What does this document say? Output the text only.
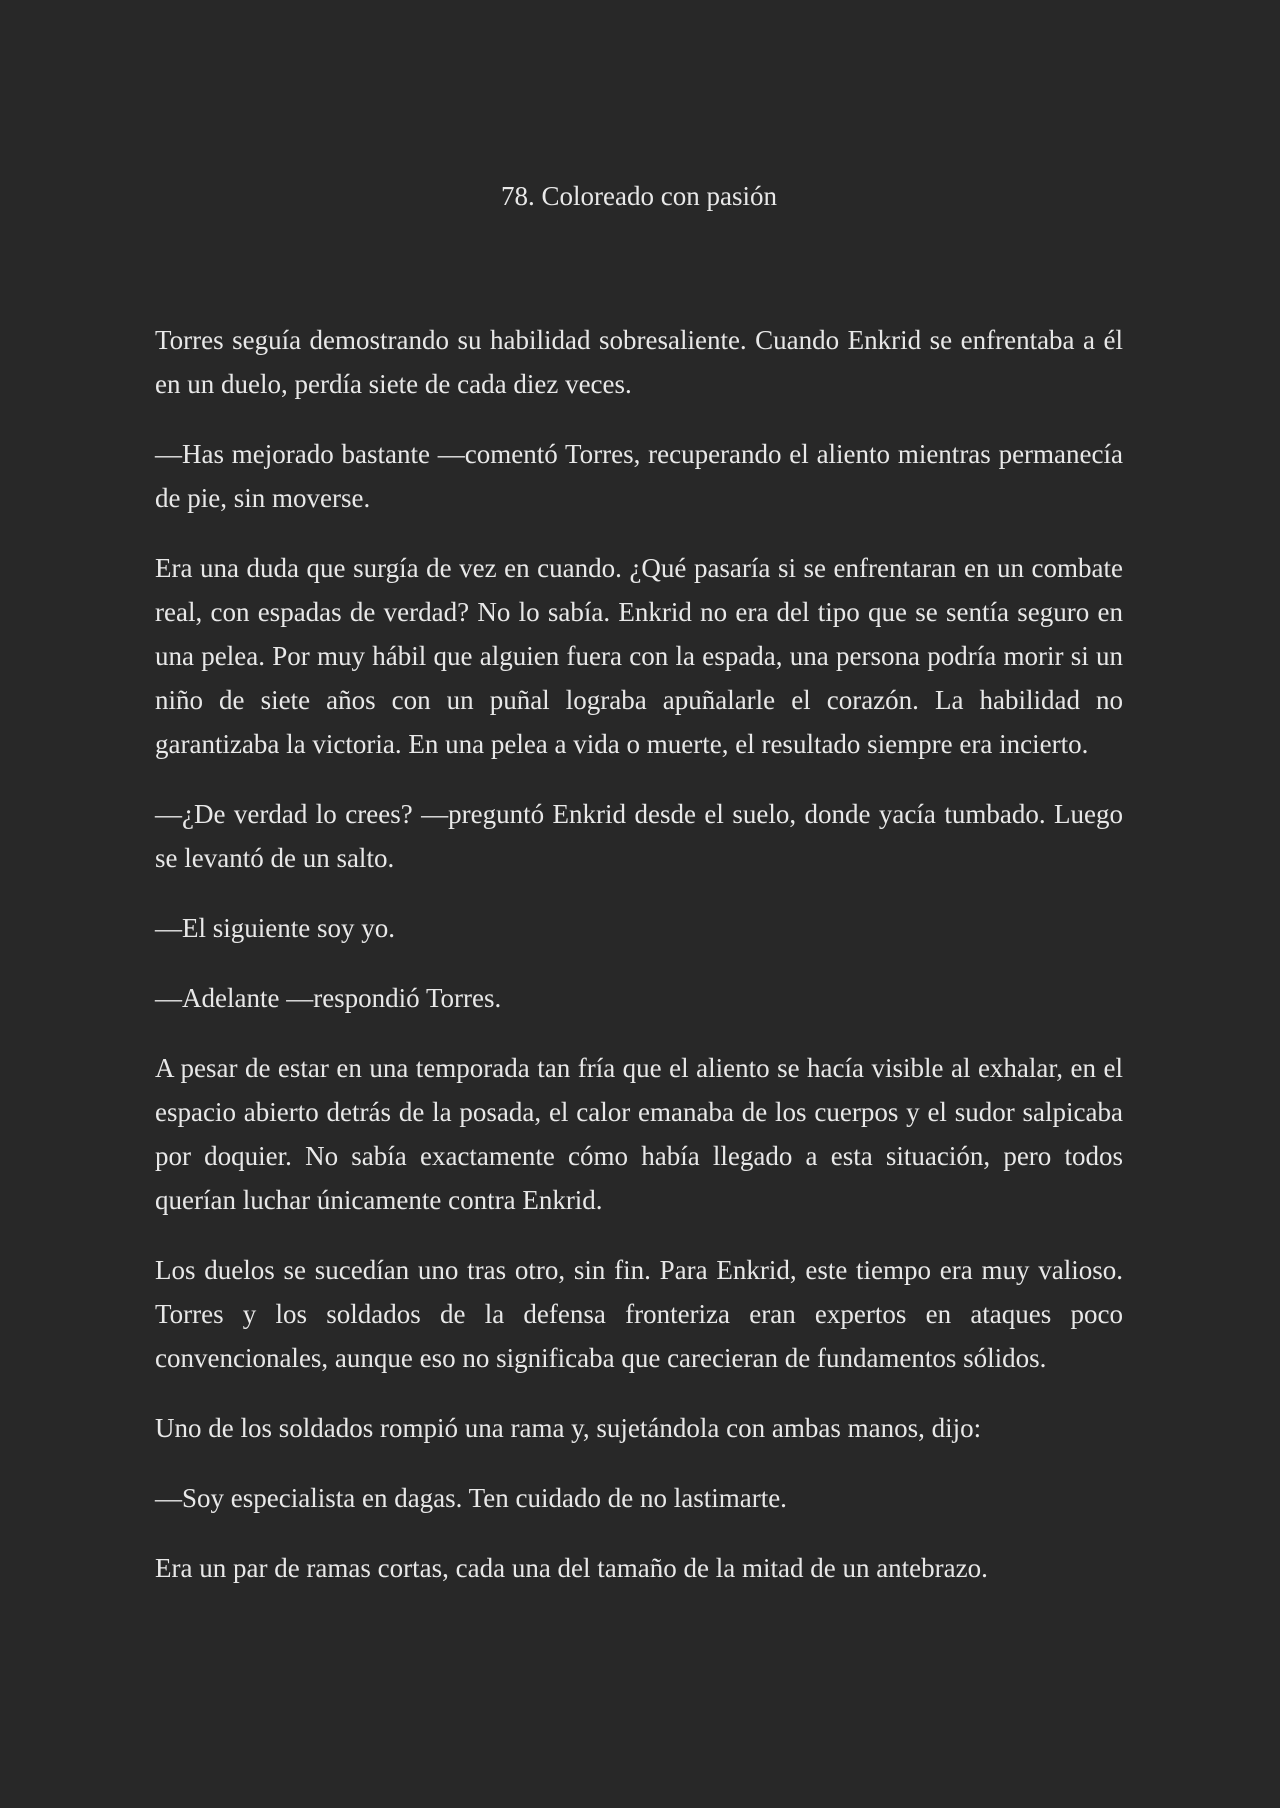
78. Coloreado con pasión

Torres seguía demostrando su habilidad sobresaliente. Cuando Enkrid se enfrentaba a él en un duelo, perdía siete de cada diez veces.

—Has mejorado bastante —comentó Torres, recuperando el aliento mientras permanecía de pie, sin moverse.

Era una duda que surgía de vez en cuando. ¿Qué pasaría si se enfrentaran en un combate real, con espadas de verdad? No lo sabía. Enkrid no era del tipo que se sentía seguro en una pelea. Por muy hábil que alguien fuera con la espada, una persona podría morir si un niño de siete años con un puñal lograba apuñalarle el corazón. La habilidad no garantizaba la victoria. En una pelea a vida o muerte, el resultado siempre era incierto.

—¿De verdad lo crees? —preguntó Enkrid desde el suelo, donde yacía tumbado. Luego se levantó de un salto.

—El siguiente soy yo.

—Adelante —respondió Torres.

A pesar de estar en una temporada tan fría que el aliento se hacía visible al exhalar, en el espacio abierto detrás de la posada, el calor emanaba de los cuerpos y el sudor salpicaba por doquier. No sabía exactamente cómo había llegado a esta situación, pero todos querían luchar únicamente contra Enkrid.

Los duelos se sucedían uno tras otro, sin fin. Para Enkrid, este tiempo era muy valioso. Torres y los soldados de la defensa fronteriza eran expertos en ataques poco convencionales, aunque eso no significaba que carecieran de fundamentos sólidos.

Uno de los soldados rompió una rama y, sujetándola con ambas manos, dijo:

—Soy especialista en dagas. Ten cuidado de no lastimarte.

Era un par de ramas cortas, cada una del tamaño de la mitad de un antebrazo.
